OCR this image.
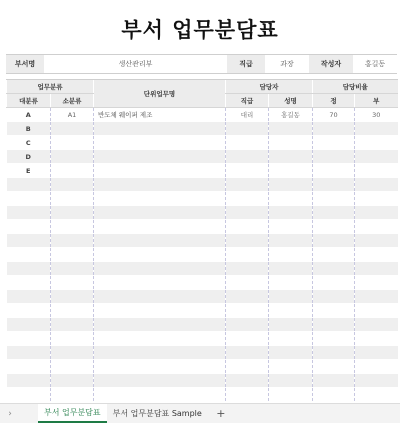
부서 업무분담표
부서명	생산관리부	직급	과장	작성자	홍길동
업무분류		단위업무명	담당자		담당비율	
대분류	소분류		직급	성명	정	부
A	A1	반도체 웨이퍼 제조	대리	홍길동	70	30
B						
C						
D						
E						

›	부서 업무분담표	부서 업무분담표 Sample	+
